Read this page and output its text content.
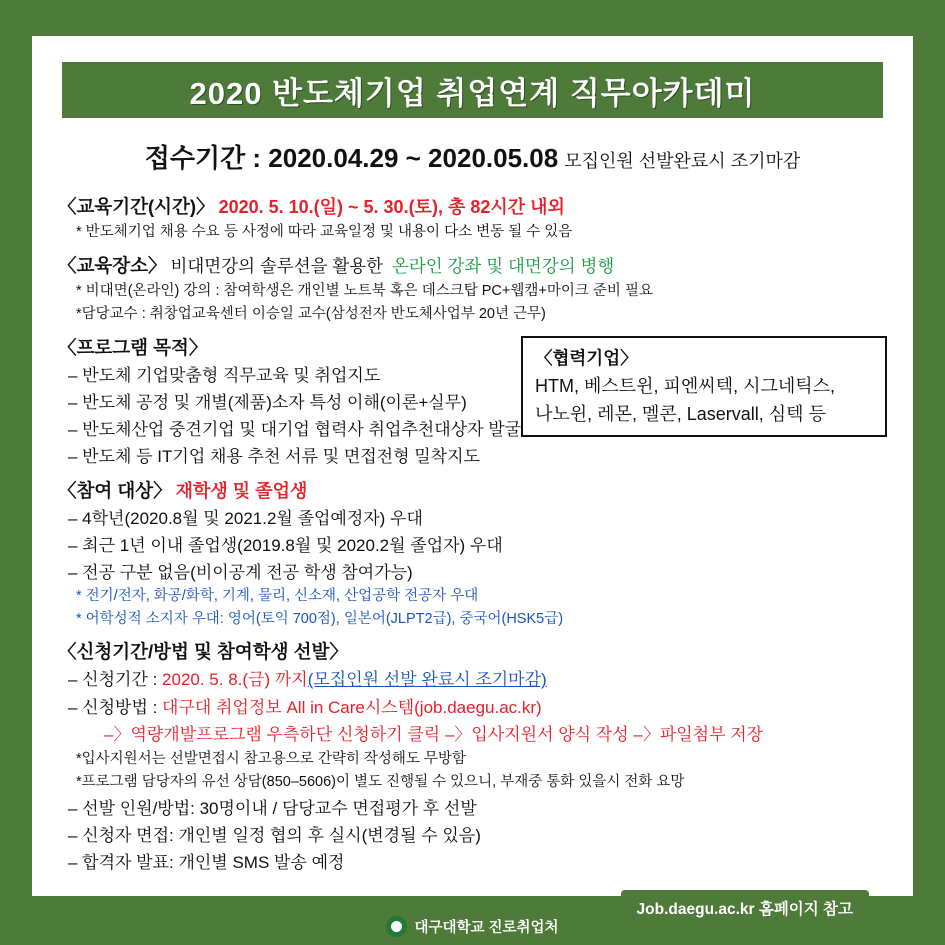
2020 반도체기업 취업연계 직무아카데미
접수기간 : 2020.04.29 ~ 2020.05.08 모집인원 선발완료시 조기마감
〈교육기간(시간)〉 2020. 5. 10.(일) ~ 5. 30.(토), 총 82시간 내외
* 반도체기업 채용 수요 등 사정에 따라 교육일정 및 내용이 다소 변동 될 수 있음
〈교육장소〉 비대면강의 솔루션을 활용한 온라인 강좌 및 대면강의 병행
* 비대면(온라인) 강의 : 참여학생은 개인별 노트북 혹은 데스크탑 PC+웹캠+마이크 준비 필요
*담당교수 : 취창업교육센터 이승일 교수(삼성전자 반도체사업부 20년 근무)
〈프로그램 목적〉
– 반도체 기업맞춤형 직무교육 및 취업지도
– 반도체 공정 및 개별(제품)소자 특성 이해(이론+실무)
– 반도체산업 중견기업 및 대기업 협력사 취업추천대상자 발굴
– 반도체 등 IT기업 채용 추천 서류 및 면접전형 밀착지도
〈협력기업〉
HTM, 베스트윈, 피엔씨텍, 시그네틱스,
나노윈, 레몬, 멜콘, Laservall, 심텍 등
〈참여 대상〉 재학생 및 졸업생
– 4학년(2020.8월 및 2021.2월 졸업예정자) 우대
– 최근 1년 이내 졸업생(2019.8월 및 2020.2월 졸업자) 우대
– 전공 구분 없음(비이공계 전공 학생 참여가능)
* 전기/전자, 화공/화학, 기계, 물리, 신소재, 산업공학 전공자 우대
* 어학성적 소지자 우대: 영어(토익 700점), 일본어(JLPT2급), 중국어(HSK5급)
〈신청기간/방법 및 참여학생 선발〉
– 신청기간 : 2020. 5. 8.(금) 까지(모집인원 선발 완료시 조기마감)
– 신청방법 : 대구대 취업정보 All in Care시스템(job.daegu.ac.kr)
–〉역량개발프로그램 우측하단 신청하기 클릭 –〉입사지원서 양식 작성 –〉파일첨부 저장
*입사지원서는 선발면접시 참고용으로 간략히 작성해도 무방함
*프로그램 담당자의 유선 상담(850–5606)이 별도 진행될 수 있으니, 부재중 통화 있을시 전화 요망
– 선발 인원/방법: 30명이내 / 담당교수 면접평가 후 선발
– 신청자 면접: 개인별 일정 협의 후 실시(변경될 수 있음)
– 합격자 발표: 개인별 SMS 발송 예정
Job.daegu.ac.kr 홈페이지 참고
대구대학교 진로취업처
